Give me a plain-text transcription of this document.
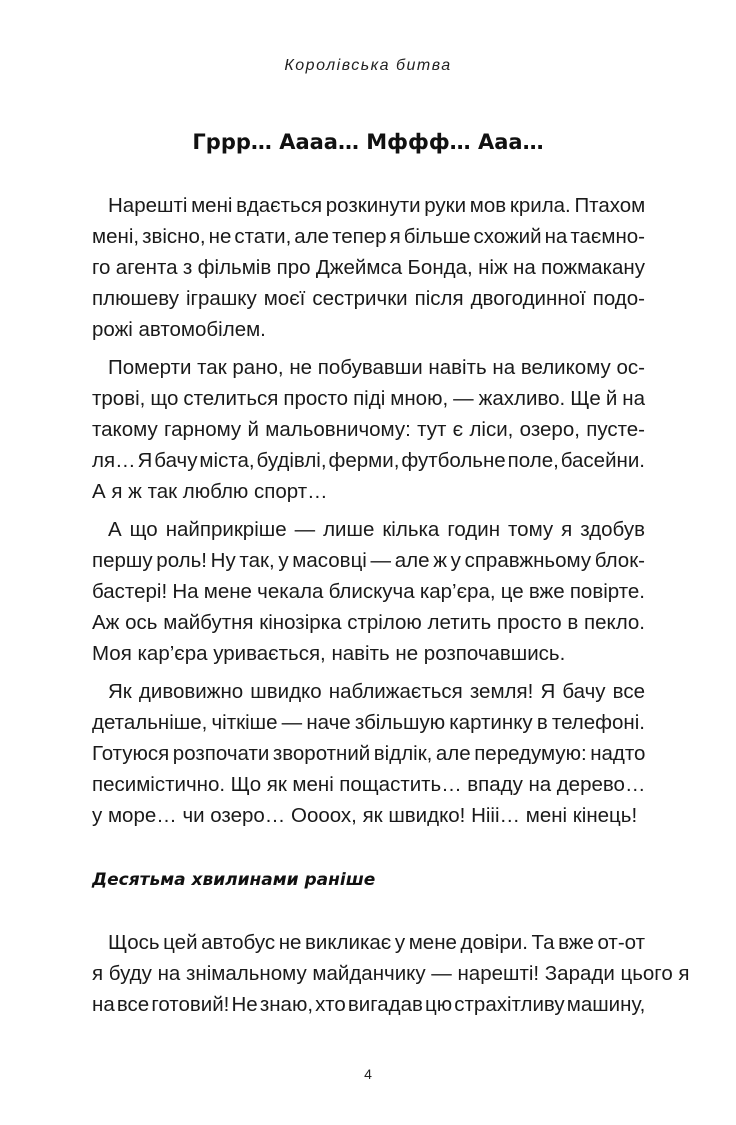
Королівська битва
Гррр… Аааа… Мффф… Ааа…
Нарешті мені вдається розкинути руки мов крила. Птахом
мені, звісно, не стати, але тепер я більше схожий на таємно-
го агента з фільмів про Джеймса Бонда, ніж на пожмакану
плюшеву іграшку моєї сестрички після двогодинної подо-
рожі автомобілем.
Померти так рано, не побувавши навіть на великому ос-
трові, що стелиться просто піді мною, — жахливо. Ще й на
такому гарному й мальовничому: тут є ліси, озеро, пусте-
ля… Я бачу міста, будівлі, ферми, футбольне поле, басейни.
А я ж так люблю спорт…
А що найприкріше — лише кілька годин тому я здобув
першу роль! Ну так, у масовці — але ж у справжньому блок-
бастері! На мене чекала блискуча кар’єра, це вже повірте.
Аж ось майбутня кінозірка стрілою летить просто в пекло.
Моя кар’єра уривається, навіть не розпочавшись.
Як дивовижно швидко наближається земля! Я бачу все
детальніше, чіткіше — наче збільшую картинку в телефоні.
Готуюся розпочати зворотний відлік, але передумую: надто
песимістично. Що як мені пощастить… впаду на дерево…
у море… чи озеро… Оооох, як швидко! Нііі… мені кінець!
Десятьма хвилинами раніше
Щось цей автобус не викликає у мене довіри. Та вже от-от
я буду на знімальному майданчику — нарешті! Заради цього я
на все готовий! Не знаю, хто вигадав цю страхітливу машину,
4
